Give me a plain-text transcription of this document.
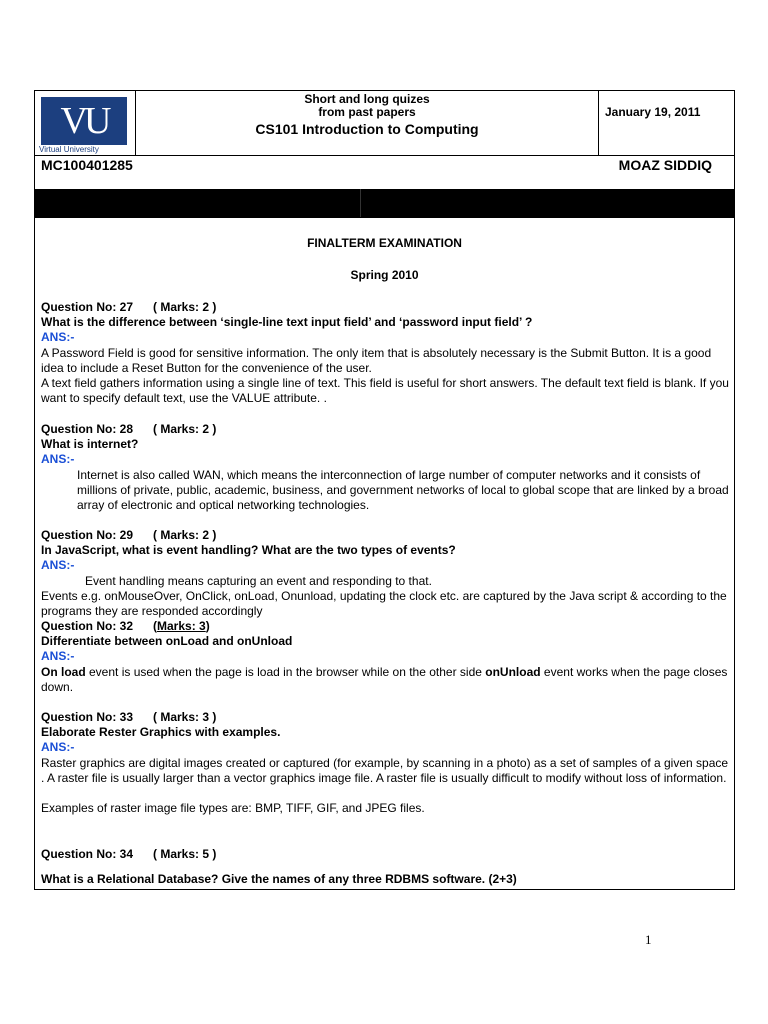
VU
Virtual University
Short and long quizes
from past papers
CS101 Introduction to Computing
January 19, 2011
MC100401285	MOAZ SIDDIQ

FINALTERM EXAMINATION

Spring 2010

Question No: 27 ( Marks: 2 )

What is the difference between ‘single-line text input field’ and ‘password input field’ ?

ANS:-

A Password Field is good for sensitive information. The only item that is absolutely necessary is the Submit Button. It is a good idea to include a Reset Button for the convenience of the user.

A text field gathers information using a single line of text. This field is useful for short answers. The default text field is blank. If you want to specify default text, use the VALUE attribute. .

Question No: 28 ( Marks: 2 )

What is internet?

ANS:-

Internet is also called WAN, which means the interconnection of large number of computer networks and it consists of millions of private, public, academic, business, and government networks of local to global scope that are linked by a broad array of electronic and optical networking technologies.

Question No: 29 ( Marks: 2 )

In JavaScript, what is event handling? What are the two types of events?

ANS:-

Event handling means capturing an event and responding to that.

Events e.g. onMouseOver, OnClick, onLoad, Onunload, updating the clock etc. are captured by the Java script & according to the programs they are responded accordingly

Question No: 32 (Marks: 3)

Differentiate between onLoad and onUnload

ANS:-

On load event is used when the page is load in the browser while on the other side onUnload event works when the page closes down.

Question No: 33 ( Marks: 3 )

Elaborate Rester Graphics with examples.

ANS:-

Raster graphics are digital images created or captured (for example, by scanning in a photo) as a set of samples of a given space . A raster file is usually larger than a vector graphics image file. A raster file is usually difficult to modify without loss of information.

Examples of raster image file types are: BMP, TIFF, GIF, and JPEG files.

Question No: 34 ( Marks: 5 )

What is a Relational Database? Give the names of any three RDBMS software. (2+3)

1
